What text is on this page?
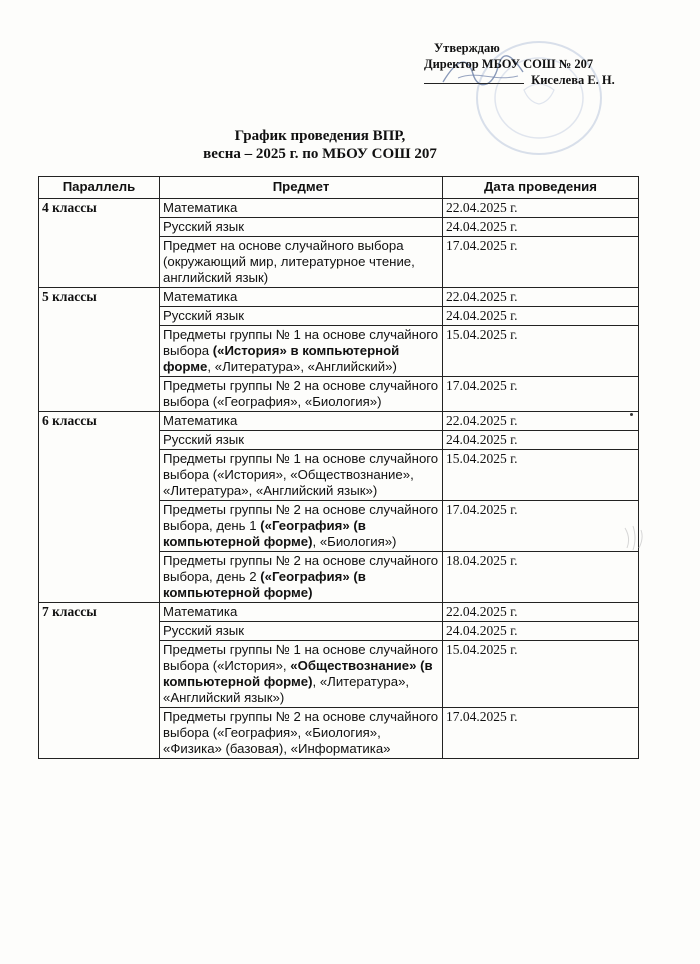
Утверждаю
Директор МБОУ СОШ № 207
Киселева Е. Н.
График проведения ВПР,
весна – 2025 г. по МБОУ СОШ 207
Параллель	Предмет	Дата проведения
4 классы	Математика	22.04.2025 г.
	Русский язык	24.04.2025 г.
	Предмет на основе случайного выбора (окружающий мир, литературное чтение, английский язык)	17.04.2025 г.
5 классы	Математика	22.04.2025 г.
	Русский язык	24.04.2025 г.
	Предметы группы № 1 на основе случайного выбора («История» в компьютерной форме, «Литература», «Английский»)	15.04.2025 г.
	Предметы группы № 2 на основе случайного выбора («География», «Биология»)	17.04.2025 г.
6 классы	Математика	22.04.2025 г.
	Русский язык	24.04.2025 г.
	Предметы группы № 1 на основе случайного выбора («История», «Обществознание», «Литература», «Английский язык»)	15.04.2025 г.
	Предметы группы № 2 на основе случайного выбора, день 1 («География» (в компьютерной форме), «Биология»)	17.04.2025 г.
	Предметы группы № 2 на основе случайного выбора, день 2 («География» (в компьютерной форме)	18.04.2025 г.
7 классы	Математика	22.04.2025 г.
	Русский язык	24.04.2025 г.
	Предметы группы № 1 на основе случайного выбора («История», «Обществознание» (в компьютерной форме), «Литература», «Английский язык»)	15.04.2025 г.
	Предметы группы № 2 на основе случайного выбора («География», «Биология», «Физика» (базовая), «Информатика»	17.04.2025 г.
